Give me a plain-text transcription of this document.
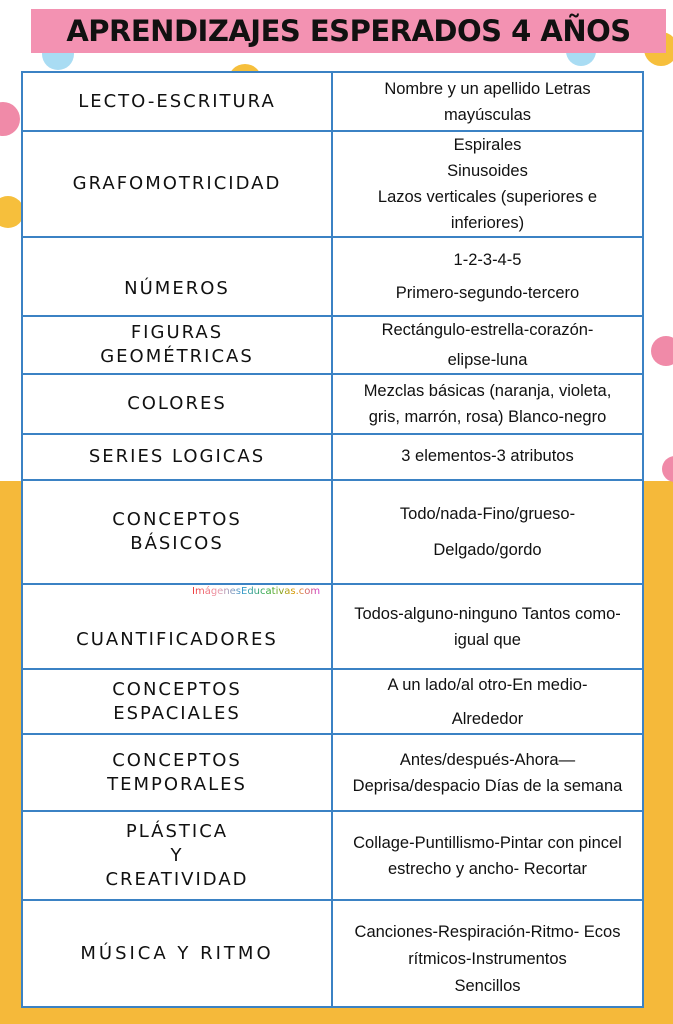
APRENDIZAJES ESPERADOS 4 AÑOS
LECTO-ESCRITURA
Nombre y un apellido Letras
mayúsculas
GRAFOMOTRICIDAD
Espirales
Sinusoides
Lazos verticales (superiores e
inferiores)
NÚMEROS
1-2-3-4-5
Primero-segundo-tercero
FIGURAS
GEOMÉTRICAS
Rectángulo-estrella-corazón-
elipse-luna
COLORES
Mezclas básicas (naranja, violeta,
gris, marrón, rosa) Blanco-negro
SERIES LOGICAS	3 elementos-3 atributos
CONCEPTOS
BÁSICOS
Todo/nada-Fino/grueso-
Delgado/gordo
CUANTIFICADORES
Todos-alguno-ninguno Tantos como-
igual que
CONCEPTOS
ESPACIALES
A un lado/al otro-En medio-
Alrededor
CONCEPTOS
TEMPORALES
Antes/después-Ahora—
Deprisa/despacio Días de la semana
PLÁSTICA
Y
CREATIVIDAD
Collage-Puntillismo-Pintar con pincel
estrecho y ancho- Recortar
MÚSICA Y RITMO
Canciones-Respiración-Ritmo- Ecos
rítmicos-Instrumentos
Sencillos
ImágenesEducativas.com
